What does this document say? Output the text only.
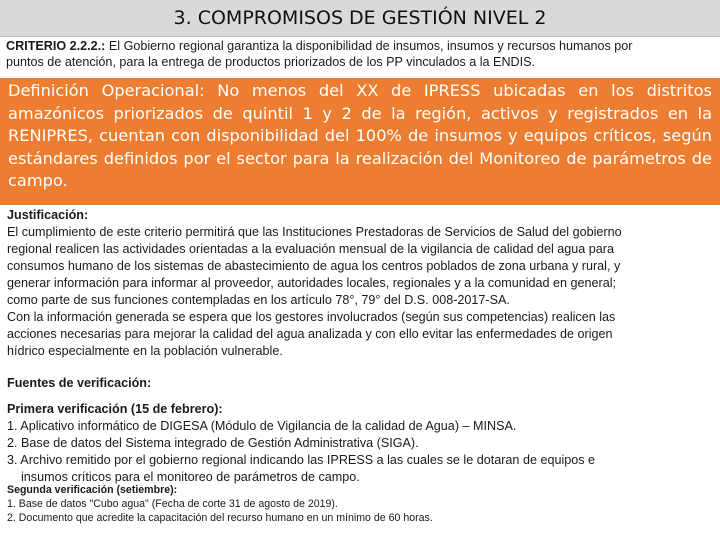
3. COMPROMISOS DE GESTIÓN NIVEL 2
CRITERIO 2.2.2.: El Gobierno regional garantiza la disponibilidad de insumos, insumos y recursos humanos por
puntos de atención, para la entrega de productos priorizados de los PP vinculados a la ENDIS.
Definición Operacional: No menos del XX de IPRESS ubicadas en los distritos amazónicos priorizados de quintil 1 y 2 de la región, activos y registrados en la RENIPRES, cuentan con disponibilidad del 100% de insumos y equipos críticos, según estándares definidos por el sector para la realización del Monitoreo de parámetros de campo.
Justificación:
El cumplimiento de este criterio permitirá que las Instituciones Prestadoras de Servicios de Salud del gobierno
regional realicen las actividades orientadas a la evaluación mensual de la vigilancia de calidad del agua para
consumos humano de los sistemas de abastecimiento de agua los centros poblados de zona urbana y rural, y
generar información para informar al proveedor, autoridades locales, regionales y a la comunidad en general;
como parte de sus funciones contempladas en los artículo 78°, 79° del D.S. 008-2017-SA.
Con la información generada se espera que los gestores involucrados (según sus competencias) realicen las
acciones necesarias para mejorar la calidad del agua analizada y con ello evitar las enfermedades de origen
hídrico especialmente en la población vulnerable.
Fuentes de verificación:
Primera verificación (15 de febrero):
1. Aplicativo informático de DIGESA (Módulo de Vigilancia de la calidad de Agua) – MINSA.
2. Base de datos del Sistema integrado de Gestión Administrativa (SIGA).
3. Archivo remitido por el gobierno regional indicando las IPRESS a las cuales se le dotaran de equipos e
insumos críticos para el monitoreo de parámetros de campo.
Segunda verificación (setiembre):
1. Base de datos "Cubo agua" (Fecha de corte 31 de agosto de 2019).
2. Documento que acredite la capacitación del recurso humano en un mínimo de 60 horas.
